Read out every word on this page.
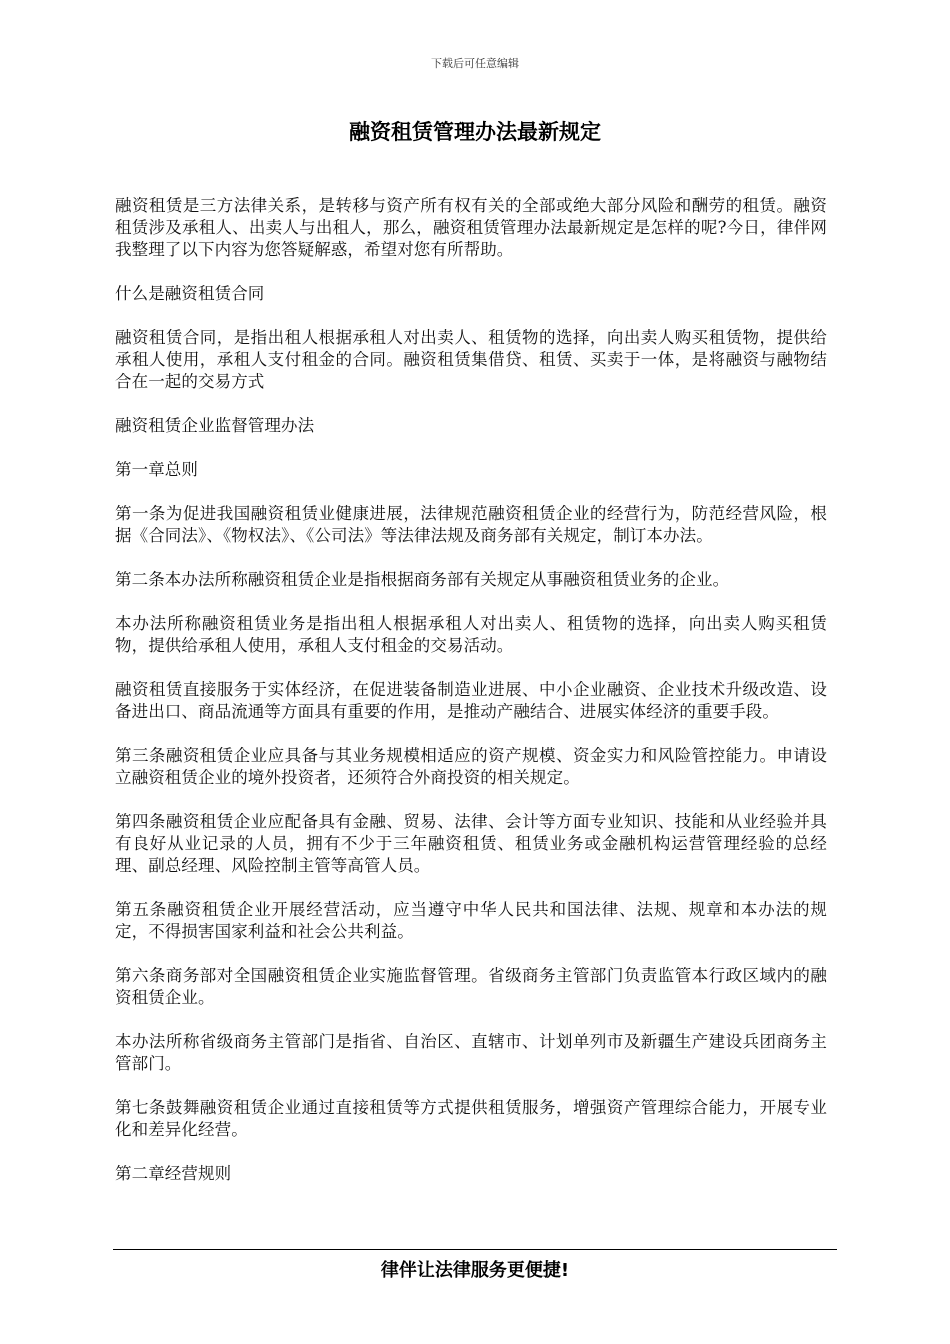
下载后可任意编辑
融资租赁管理办法最新规定

融资租赁是三方法律关系，是转移与资产所有权有关的全部或绝大部分风险和酬劳的租赁。融资租赁涉及承租人、出卖人与出租人，那么，融资租赁管理办法最新规定是怎样的呢?今日，律伴网我整理了以下内容为您答疑解惑，希望对您有所帮助。

什么是融资租赁合同

融资租赁合同，是指出租人根据承租人对出卖人、租赁物的选择，向出卖人购买租赁物，提供给承租人使用，承租人支付租金的合同。融资租赁集借贷、租赁、买卖于一体，是将融资与融物结合在一起的交易方式

融资租赁企业监督管理办法

第一章总则

第一条为促进我国融资租赁业健康进展，法律规范融资租赁企业的经营行为，防范经营风险，根据《合同法》、《物权法》、《公司法》等法律法规及商务部有关规定，制订本办法。

第二条本办法所称融资租赁企业是指根据商务部有关规定从事融资租赁业务的企业。

本办法所称融资租赁业务是指出租人根据承租人对出卖人、租赁物的选择，向出卖人购买租赁物，提供给承租人使用，承租人支付租金的交易活动。

融资租赁直接服务于实体经济，在促进装备制造业进展、中小企业融资、企业技术升级改造、设备进出口、商品流通等方面具有重要的作用，是推动产融结合、进展实体经济的重要手段。

第三条融资租赁企业应具备与其业务规模相适应的资产规模、资金实力和风险管控能力。申请设立融资租赁企业的境外投资者，还须符合外商投资的相关规定。

第四条融资租赁企业应配备具有金融、贸易、法律、会计等方面专业知识、技能和从业经验并具有良好从业记录的人员，拥有不少于三年融资租赁、租赁业务或金融机构运营管理经验的总经理、副总经理、风险控制主管等高管人员。

第五条融资租赁企业开展经营活动，应当遵守中华人民共和国法律、法规、规章和本办法的规定，不得损害国家利益和社会公共利益。

第六条商务部对全国融资租赁企业实施监督管理。省级商务主管部门负责监管本行政区域内的融资租赁企业。

本办法所称省级商务主管部门是指省、自治区、直辖市、计划单列市及新疆生产建设兵团商务主管部门。

第七条鼓舞融资租赁企业通过直接租赁等方式提供租赁服务，增强资产管理综合能力，开展专业化和差异化经营。

第二章经营规则

律伴让法律服务更便捷!
